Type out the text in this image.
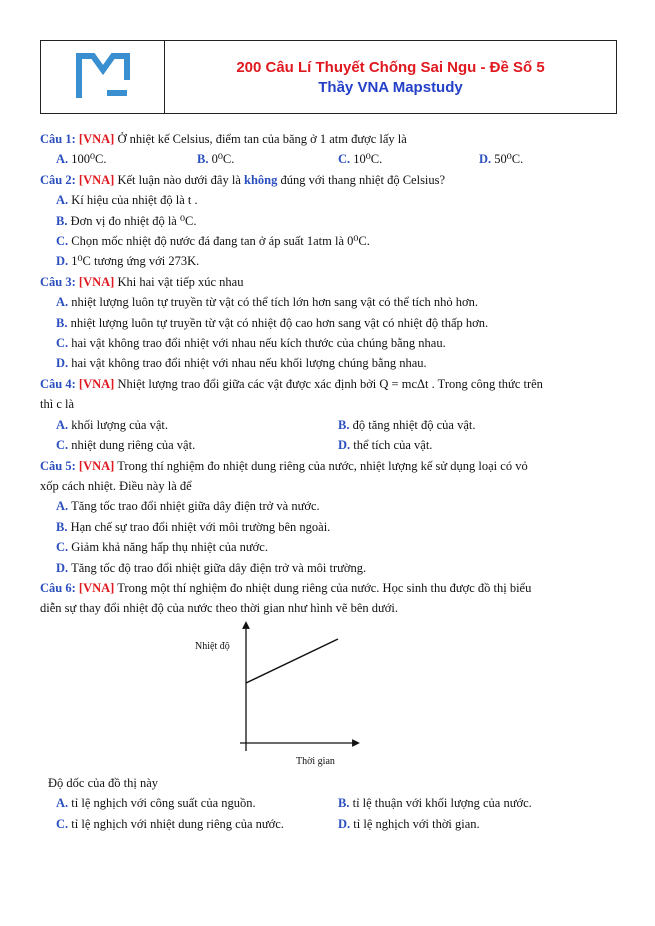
200 Câu Lí Thuyết Chống Sai Ngu - Đề Số 5
Thầy VNA Mapstudy
Câu 1: [VNA] Ở nhiệt kế Celsius, điểm tan của băng ở 1 atm được lấy là
A. 100⁰C.	B. 0⁰C.	C. 10⁰C.	D. 50⁰C.
Câu 2: [VNA] Kết luận nào dưới đây là không đúng với thang nhiệt độ Celsius?
A. Kí hiệu của nhiệt độ là t .
B. Đơn vị đo nhiệt độ là ⁰C.
C. Chọn mốc nhiệt độ nước đá đang tan ở áp suất 1atm là 0⁰C.
D. 1⁰C tương ứng với 273K.
Câu 3: [VNA] Khi hai vật tiếp xúc nhau
A. nhiệt lượng luôn tự truyền từ vật có thể tích lớn hơn sang vật có thể tích nhỏ hơn.
B. nhiệt lượng luôn tự truyền từ vật có nhiệt độ cao hơn sang vật có nhiệt độ thấp hơn.
C. hai vật không trao đổi nhiệt với nhau nếu kích thước của chúng bằng nhau.
D. hai vật không trao đổi nhiệt với nhau nếu khối lượng chúng bằng nhau.
Câu 4: [VNA] Nhiệt lượng trao đổi giữa các vật được xác định bởi Q = mcΔt . Trong công thức trên
thì c là
A. khối lượng của vật.	B. độ tăng nhiệt độ của vật.
C. nhiệt dung riêng của vật.	D. thể tích của vật.
Câu 5: [VNA] Trong thí nghiệm đo nhiệt dung riêng của nước, nhiệt lượng kế sử dụng loại có vỏ
xốp cách nhiệt. Điều này là để
A. Tăng tốc trao đổi nhiệt giữa dây điện trở và nước.
B. Hạn chế sự trao đổi nhiệt với môi trường bên ngoài.
C. Giảm khả năng hấp thụ nhiệt của nước.
D. Tăng tốc độ trao đổi nhiệt giữa dây điện trở và môi trường.
Câu 6: [VNA] Trong một thí nghiệm đo nhiệt dung riêng của nước. Học sinh thu được đồ thị biểu
diễn sự thay đổi nhiệt độ của nước theo thời gian như hình vẽ bên dưới.
Nhiệt độ
Thời gian
Độ dốc của đồ thị này
A. tỉ lệ nghịch với công suất của nguồn.	B. tỉ lệ thuận với khối lượng của nước.
C. tỉ lệ nghịch với nhiệt dung riêng của nước.	D. tỉ lệ nghịch với thời gian.
